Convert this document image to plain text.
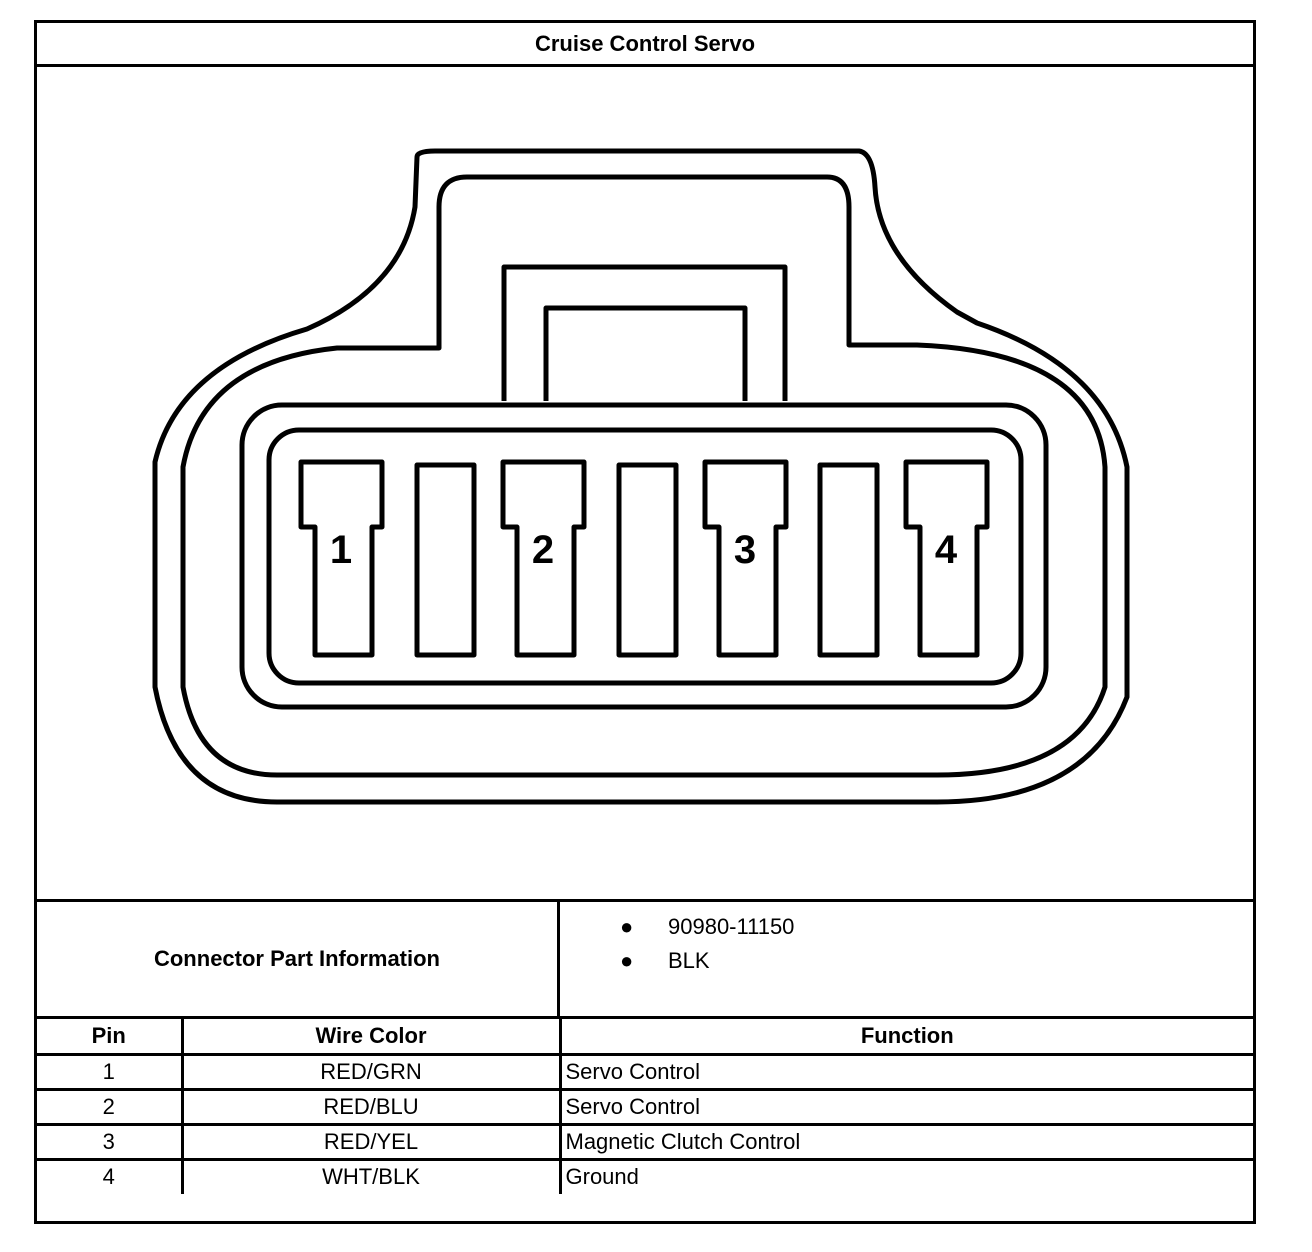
Cruise Control Servo
1	2	3	4
Connector Part Information
● 90980-11150
● BLK
Pin	Wire Color	Function
1	RED/GRN	Servo Control
2	RED/BLU	Servo Control
3	RED/YEL	Magnetic Clutch Control
4	WHT/BLK	Ground
